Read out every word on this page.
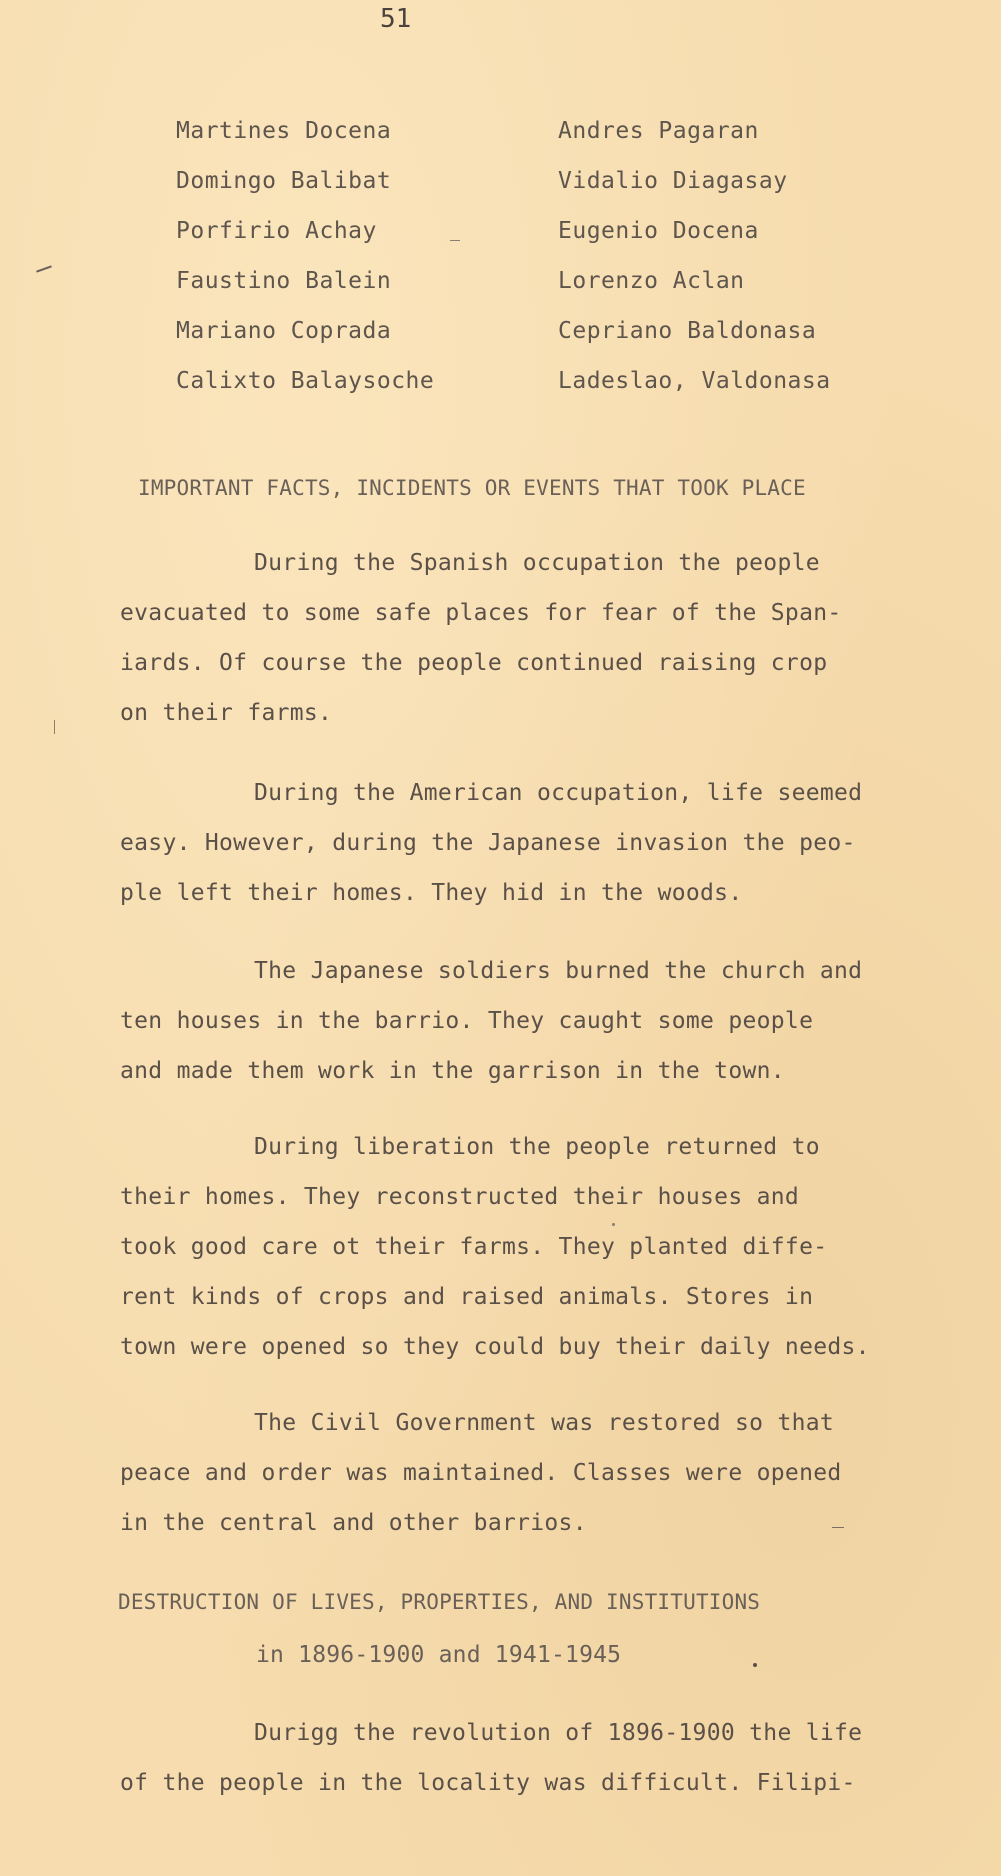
51
Martines Docena	Andres Pagaran
Domingo Balibat	Vidalio Diagasay
Porfirio Achay	Eugenio Docena
Faustino Balein	Lorenzo Aclan
Mariano Coprada	Cepriano Baldonasa
Calixto Balaysoche	Ladeslao, Valdonasa
IMPORTANT FACTS, INCIDENTS OR EVENTS THAT TOOK PLACE
During the Spanish occupation the people
evacuated to some safe places for fear of the Span-
iards. Of course the people continued raising crop
on their farms.
During the American occupation, life seemed
easy. However, during the Japanese invasion the peo-
ple left their homes. They hid in the woods.
The Japanese soldiers burned the church and
ten houses in the barrio. They caught some people
and made them work in the garrison in the town.
During liberation the people returned to
their homes. They reconstructed their houses and
took good care ot their farms. They planted diffe-
rent kinds of crops and raised animals. Stores in
town were opened so they could buy their daily needs.
The Civil Government was restored so that
peace and order was maintained. Classes were opened
in the central and other barrios.
DESTRUCTION OF LIVES, PROPERTIES, AND INSTITUTIONS
in 1896-1900 and 1941-1945
Durigg the revolution of 1896-1900 the life
of the people in the locality was difficult. Filipi-
